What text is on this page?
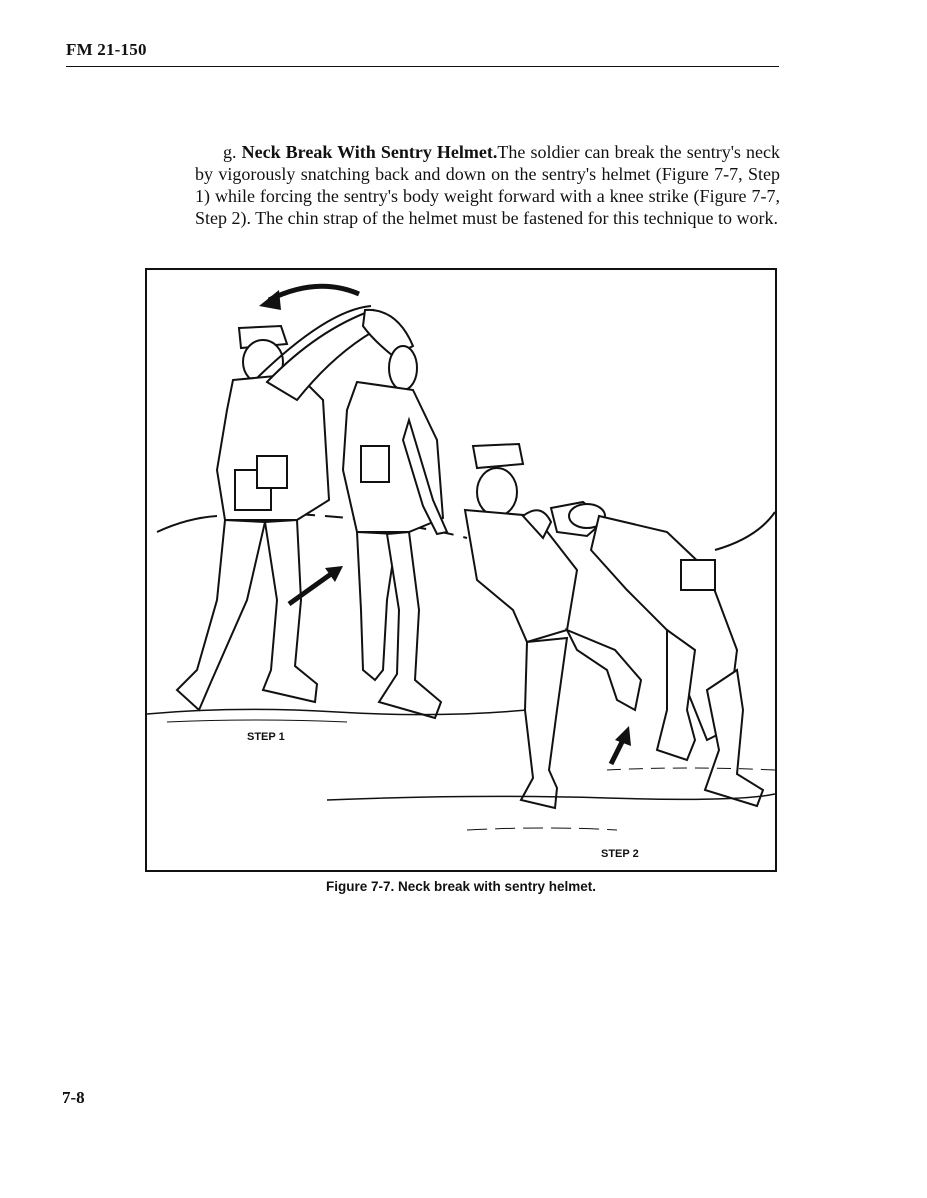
FM 21-150

g. Neck Break With Sentry Helmet.The soldier can break the sentry's neck by vigorously snatching back and down on the sentry's helmet (Figure 7-7, Step 1) while forcing the sentry's body weight forward with a knee strike (Figure 7-7, Step 2). The chin strap of the helmet must be fastened for this technique to work.

STEP 1
STEP 2
Figure 7-7. Neck break with sentry helmet.
7-8
